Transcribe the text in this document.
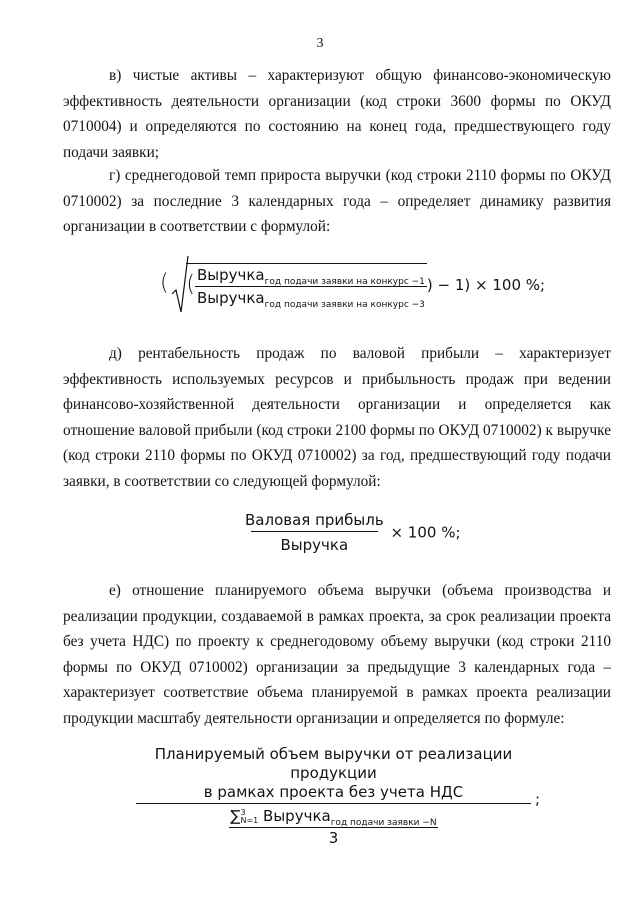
3

в) чистые активы – характеризуют общую финансово-экономическую эффективность деятельности организации (код строки 3600 формы по ОКУД 0710004) и определяются по состоянию на конец года, предшествующего году подачи заявки;

г) среднегодовой темп прироста выручки (код строки 2110 формы по ОКУД 0710002) за последние 3 календарных года – определяет динамику развития организации в соответствии с формулой:

( ( $\frac{Выручка_{год подачи заявки на конкурс -1}}{Выручка_{год подачи заявки на конкурс -3}}$ ) − 1) × 100 %;

д) рентабельность продаж по валовой прибыли – характеризует эффективность используемых ресурсов и прибыльность продаж при ведении финансово-хозяйственной деятельности организации и определяется как отношение валовой прибыли (код строки 2100 формы по ОКУД 0710002) к выручке (код строки 2110 формы по ОКУД 0710002) за год, предшествующий году подачи заявки, в соответствии со следующей формулой:

$\frac{\text{Валовая прибыль}}{\text{Выручка}} \times 100$ %;

е) отношение планируемого объема выручки (объема производства и реализации продукции, создаваемой в рамках проекта, за срок реализации проекта без учета НДС) по проекту к среднегодовому объему выручки (код строки 2110 формы по ОКУД 0710002) организации за предыдущие 3 календарных года – характеризует соответствие объема планируемой в рамках проекта реализации продукции масштабу деятельности организации и определяется по формуле:

Планируемый объем выручки от реализации продукции
в рамках проекта без учета НДС	;
∑3
N=1 Выручка$_{год подачи заявки -N}$
3
